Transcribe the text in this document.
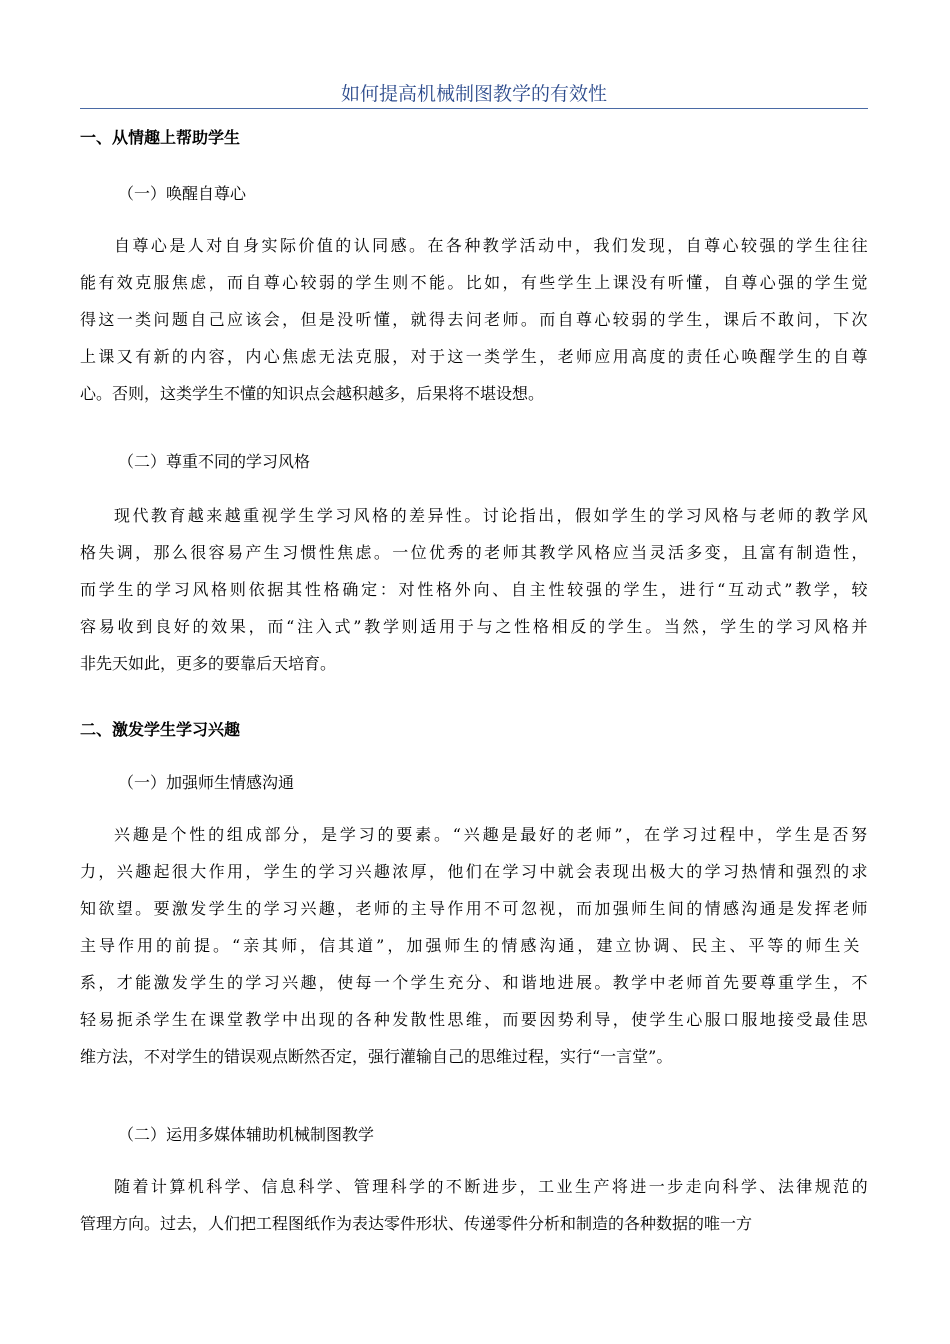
如何提高机械制图教学的有效性
一、从情趣上帮助学生
（一）唤醒自尊心
自尊心是人对自身实际价值的认同感。在各种教学活动中，我们发现，自尊心较强的学生往往
能有效克服焦虑，而自尊心较弱的学生则不能。比如，有些学生上课没有听懂，自尊心强的学生觉
得这一类问题自己应该会，但是没听懂，就得去问老师。而自尊心较弱的学生，课后不敢问，下次
上课又有新的内容，内心焦虑无法克服，对于这一类学生，老师应用高度的责任心唤醒学生的自尊
心。否则，这类学生不懂的知识点会越积越多，后果将不堪设想。
（二）尊重不同的学习风格
现代教育越来越重视学生学习风格的差异性。讨论指出，假如学生的学习风格与老师的教学风
格失调，那么很容易产生习惯性焦虑。一位优秀的老师其教学风格应当灵活多变，且富有制造性，
而学生的学习风格则依据其性格确定：对性格外向、自主性较强的学生，进行“互动式”教学，较
容易收到良好的效果，而“注入式”教学则适用于与之性格相反的学生。当然，学生的学习风格并
非先天如此，更多的要靠后天培育。
二、激发学生学习兴趣
（一）加强师生情感沟通
兴趣是个性的组成部分，是学习的要素。“兴趣是最好的老师”，在学习过程中，学生是否努
力，兴趣起很大作用，学生的学习兴趣浓厚，他们在学习中就会表现出极大的学习热情和强烈的求
知欲望。要激发学生的学习兴趣，老师的主导作用不可忽视，而加强师生间的情感沟通是发挥老师
主导作用的前提。“亲其师，信其道”，加强师生的情感沟通，建立协调、民主、平等的师生关
系，才能激发学生的学习兴趣，使每一个学生充分、和谐地进展。教学中老师首先要尊重学生，不
轻易扼杀学生在课堂教学中出现的各种发散性思维，而要因势利导，使学生心服口服地接受最佳思
维方法，不对学生的错误观点断然否定，强行灌输自己的思维过程，实行“一言堂”。
（二）运用多媒体辅助机械制图教学
随着计算机科学、信息科学、管理科学的不断进步，工业生产将进一步走向科学、法律规范的
管理方向。过去，人们把工程图纸作为表达零件形状、传递零件分析和制造的各种数据的唯一方
